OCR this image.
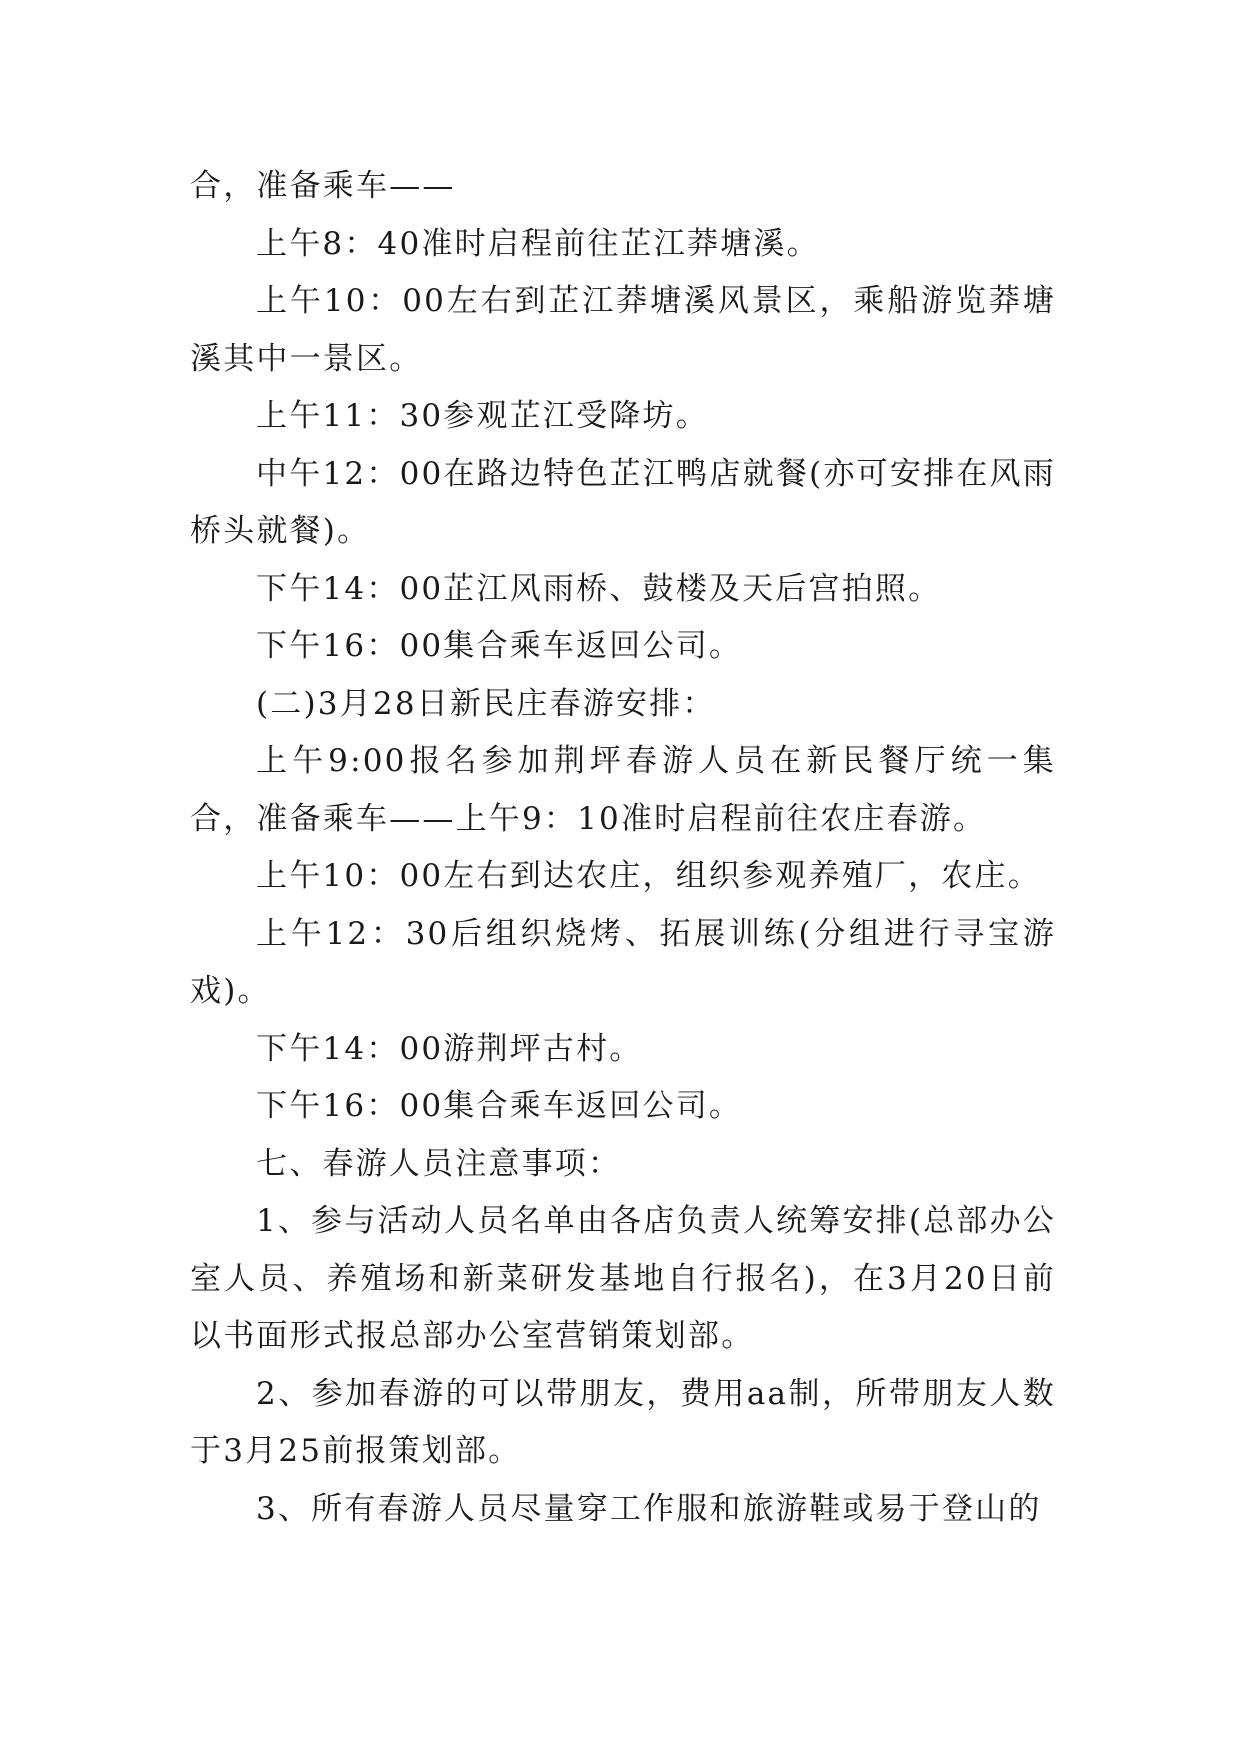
合，准备乘车——

上午8：40准时启程前往芷江莽塘溪。

上午10：00左右到芷江莽塘溪风景区，乘船游览莽塘溪其中一景区。

上午11：30参观芷江受降坊。

中午12：00在路边特色芷江鸭店就餐(亦可安排在风雨桥头就餐)。

下午14：00芷江风雨桥、鼓楼及天后宫拍照。

下午16：00集合乘车返回公司。

(二)3月28日新民庄春游安排：

上午9:00报名参加荆坪春游人员在新民餐厅统一集合，准备乘车——上午9：10准时启程前往农庄春游。

上午10：00左右到达农庄，组织参观养殖厂，农庄。

上午12：30后组织烧烤、拓展训练(分组进行寻宝游戏)。

下午14：00游荆坪古村。

下午16：00集合乘车返回公司。

七、春游人员注意事项：

1、参与活动人员名单由各店负责人统筹安排(总部办公室人员、养殖场和新菜研发基地自行报名)，在3月20日前以书面形式报总部办公室营销策划部。

2、参加春游的可以带朋友，费用aa制，所带朋友人数于3月25前报策划部。

3、所有春游人员尽量穿工作服和旅游鞋或易于登山的
